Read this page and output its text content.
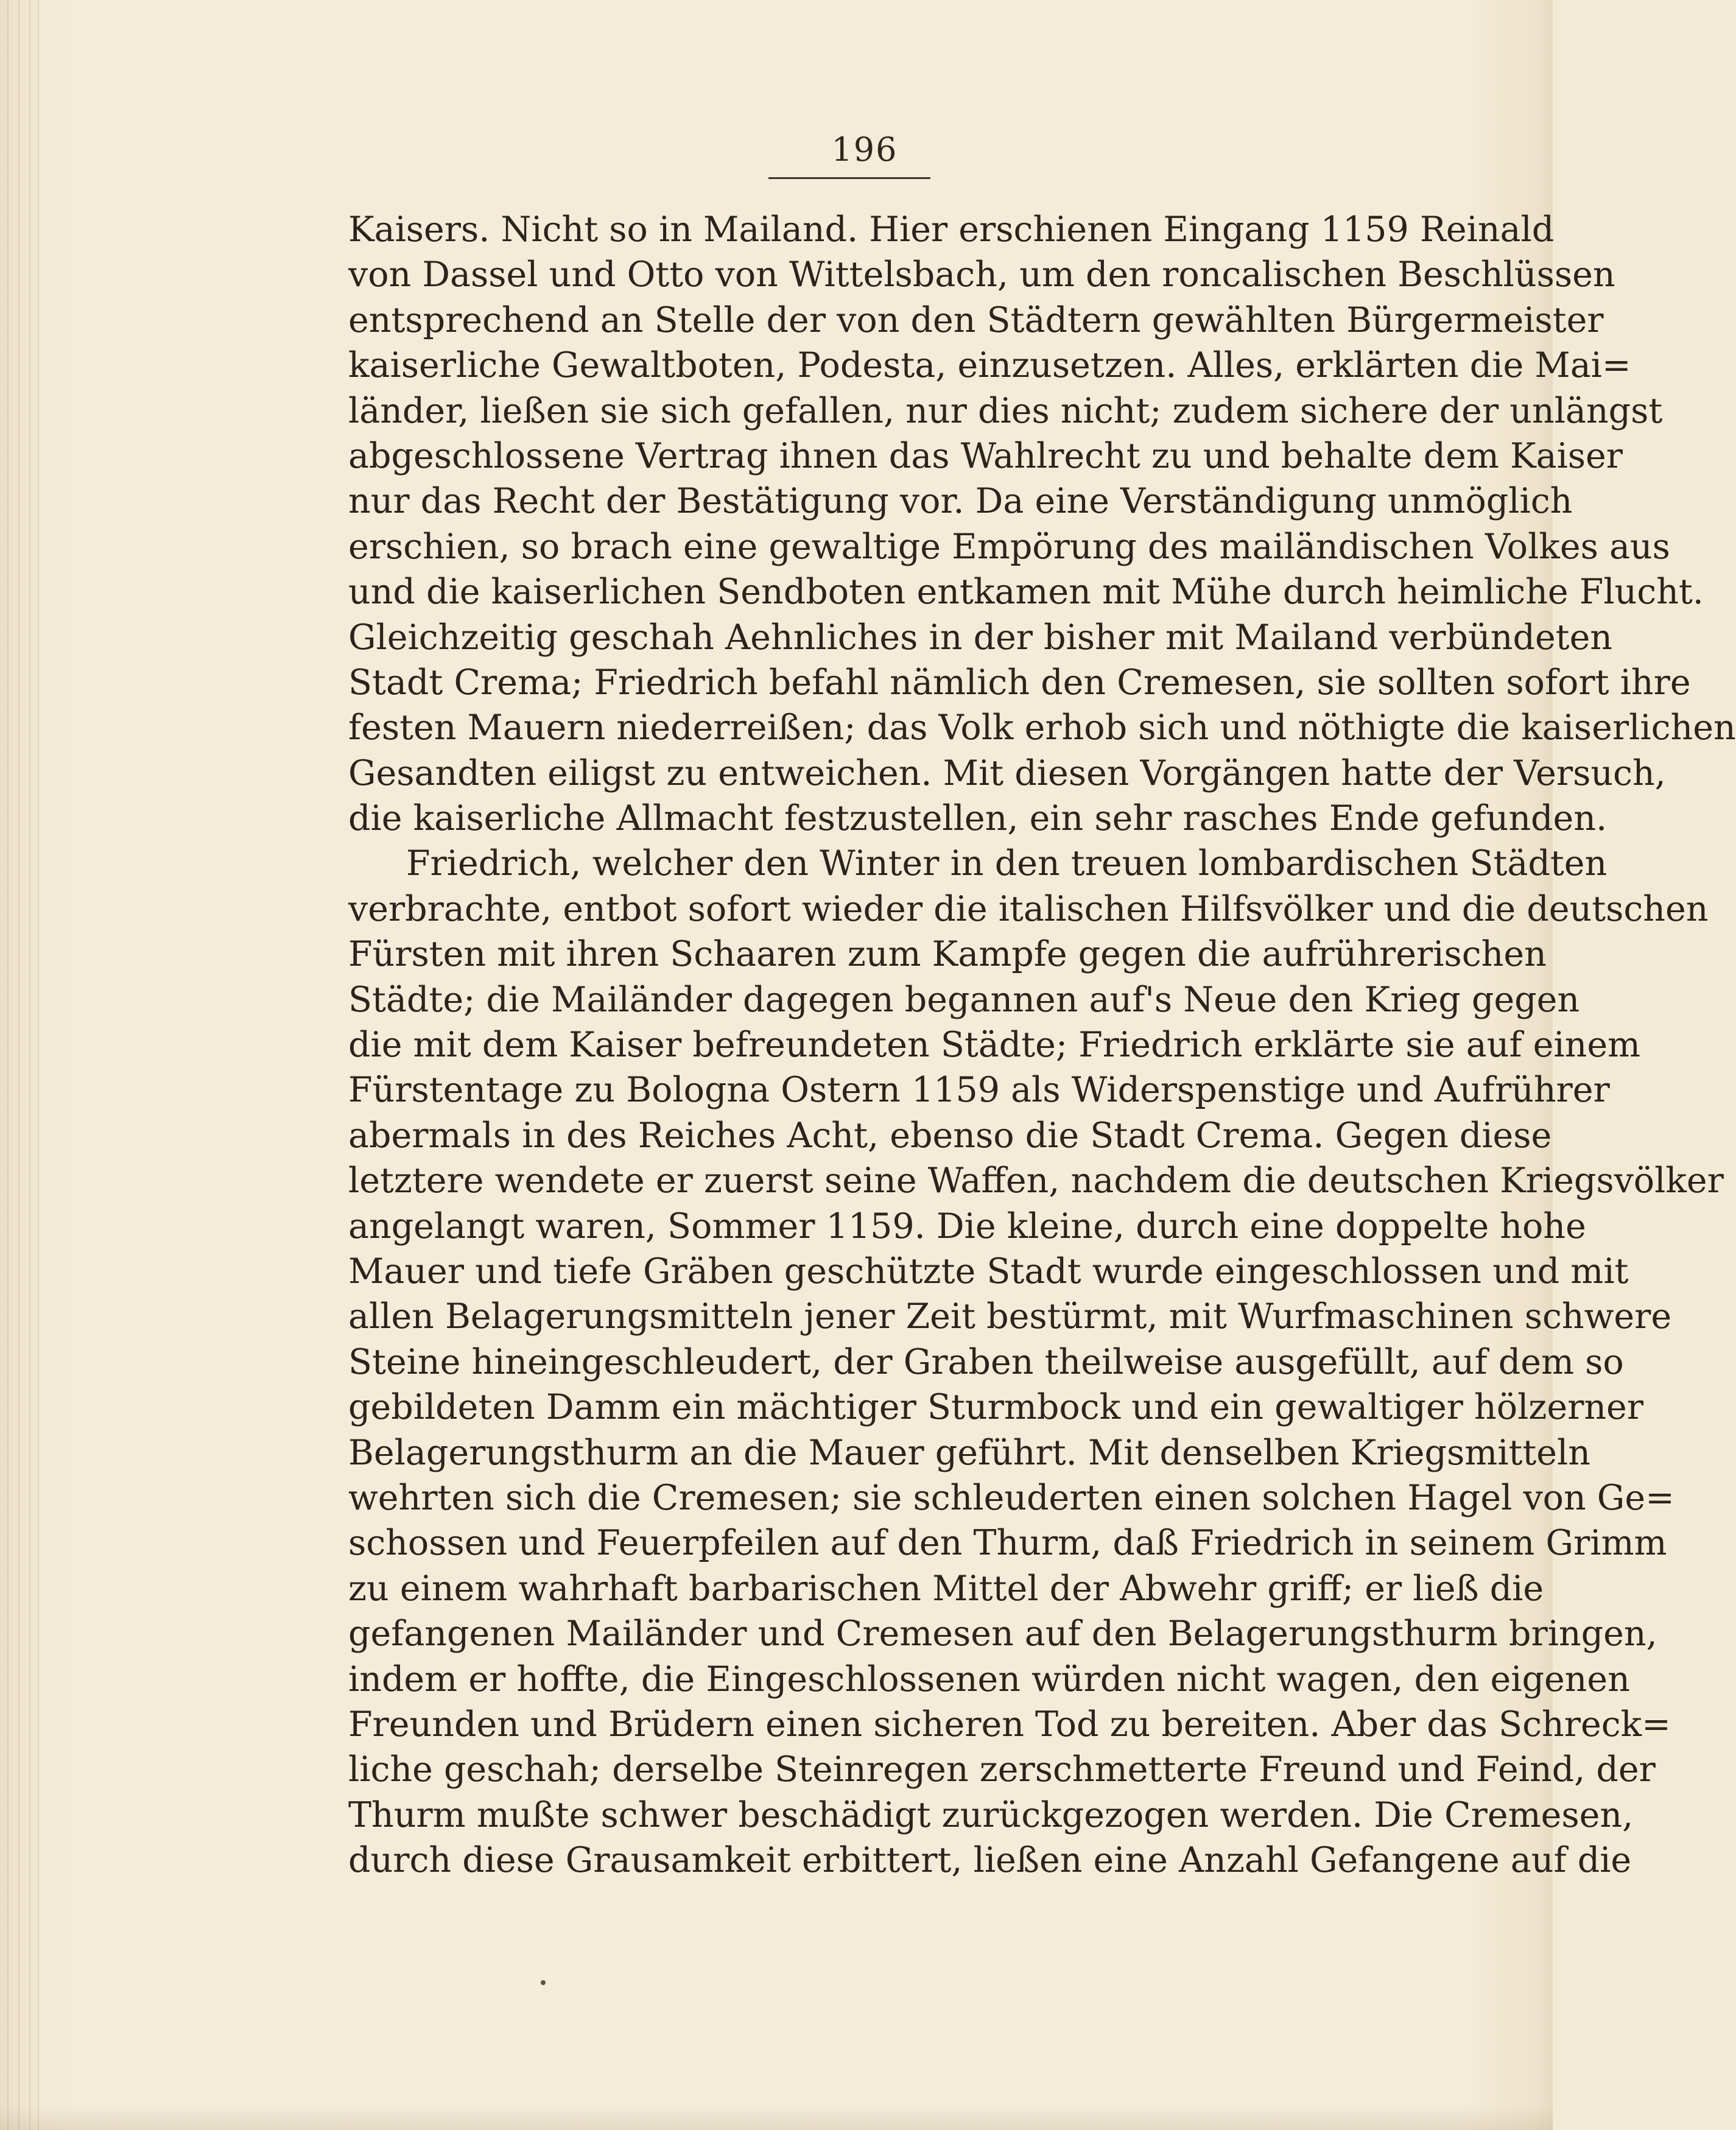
196
Kaisers. Nicht so in Mailand. Hier erschienen Eingang 1159 Reinald
von Dassel und Otto von Wittelsbach, um den roncalischen Beschlüssen
entsprechend an Stelle der von den Städtern gewählten Bürgermeister
kaiserliche Gewaltboten, Podesta, einzusetzen. Alles, erklärten die Mai=
länder, ließen sie sich gefallen, nur dies nicht; zudem sichere der unlängst
abgeschlossene Vertrag ihnen das Wahlrecht zu und behalte dem Kaiser
nur das Recht der Bestätigung vor. Da eine Verständigung unmöglich
erschien, so brach eine gewaltige Empörung des mailändischen Volkes aus
und die kaiserlichen Sendboten entkamen mit Mühe durch heimliche Flucht.
Gleichzeitig geschah Aehnliches in der bisher mit Mailand verbündeten
Stadt Crema; Friedrich befahl nämlich den Cremesen, sie sollten sofort ihre
festen Mauern niederreißen; das Volk erhob sich und nöthigte die kaiserlichen
Gesandten eiligst zu entweichen. Mit diesen Vorgängen hatte der Versuch,
die kaiserliche Allmacht festzustellen, ein sehr rasches Ende gefunden.
Friedrich, welcher den Winter in den treuen lombardischen Städten
verbrachte, entbot sofort wieder die italischen Hilfsvölker und die deutschen
Fürsten mit ihren Schaaren zum Kampfe gegen die aufrührerischen
Städte; die Mailänder dagegen begannen auf's Neue den Krieg gegen
die mit dem Kaiser befreundeten Städte; Friedrich erklärte sie auf einem
Fürstentage zu Bologna Ostern 1159 als Widerspenstige und Aufrührer
abermals in des Reiches Acht, ebenso die Stadt Crema. Gegen diese
letztere wendete er zuerst seine Waffen, nachdem die deutschen Kriegsvölker
angelangt waren, Sommer 1159. Die kleine, durch eine doppelte hohe
Mauer und tiefe Gräben geschützte Stadt wurde eingeschlossen und mit
allen Belagerungsmitteln jener Zeit bestürmt, mit Wurfmaschinen schwere
Steine hineingeschleudert, der Graben theilweise ausgefüllt, auf dem so
gebildeten Damm ein mächtiger Sturmbock und ein gewaltiger hölzerner
Belagerungsthurm an die Mauer geführt. Mit denselben Kriegsmitteln
wehrten sich die Cremesen; sie schleuderten einen solchen Hagel von Ge=
schossen und Feuerpfeilen auf den Thurm, daß Friedrich in seinem Grimm
zu einem wahrhaft barbarischen Mittel der Abwehr griff; er ließ die
gefangenen Mailänder und Cremesen auf den Belagerungsthurm bringen,
indem er hoffte, die Eingeschlossenen würden nicht wagen, den eigenen
Freunden und Brüdern einen sicheren Tod zu bereiten. Aber das Schreck=
liche geschah; derselbe Steinregen zerschmetterte Freund und Feind, der
Thurm mußte schwer beschädigt zurückgezogen werden. Die Cremesen,
durch diese Grausamkeit erbittert, ließen eine Anzahl Gefangene auf die
